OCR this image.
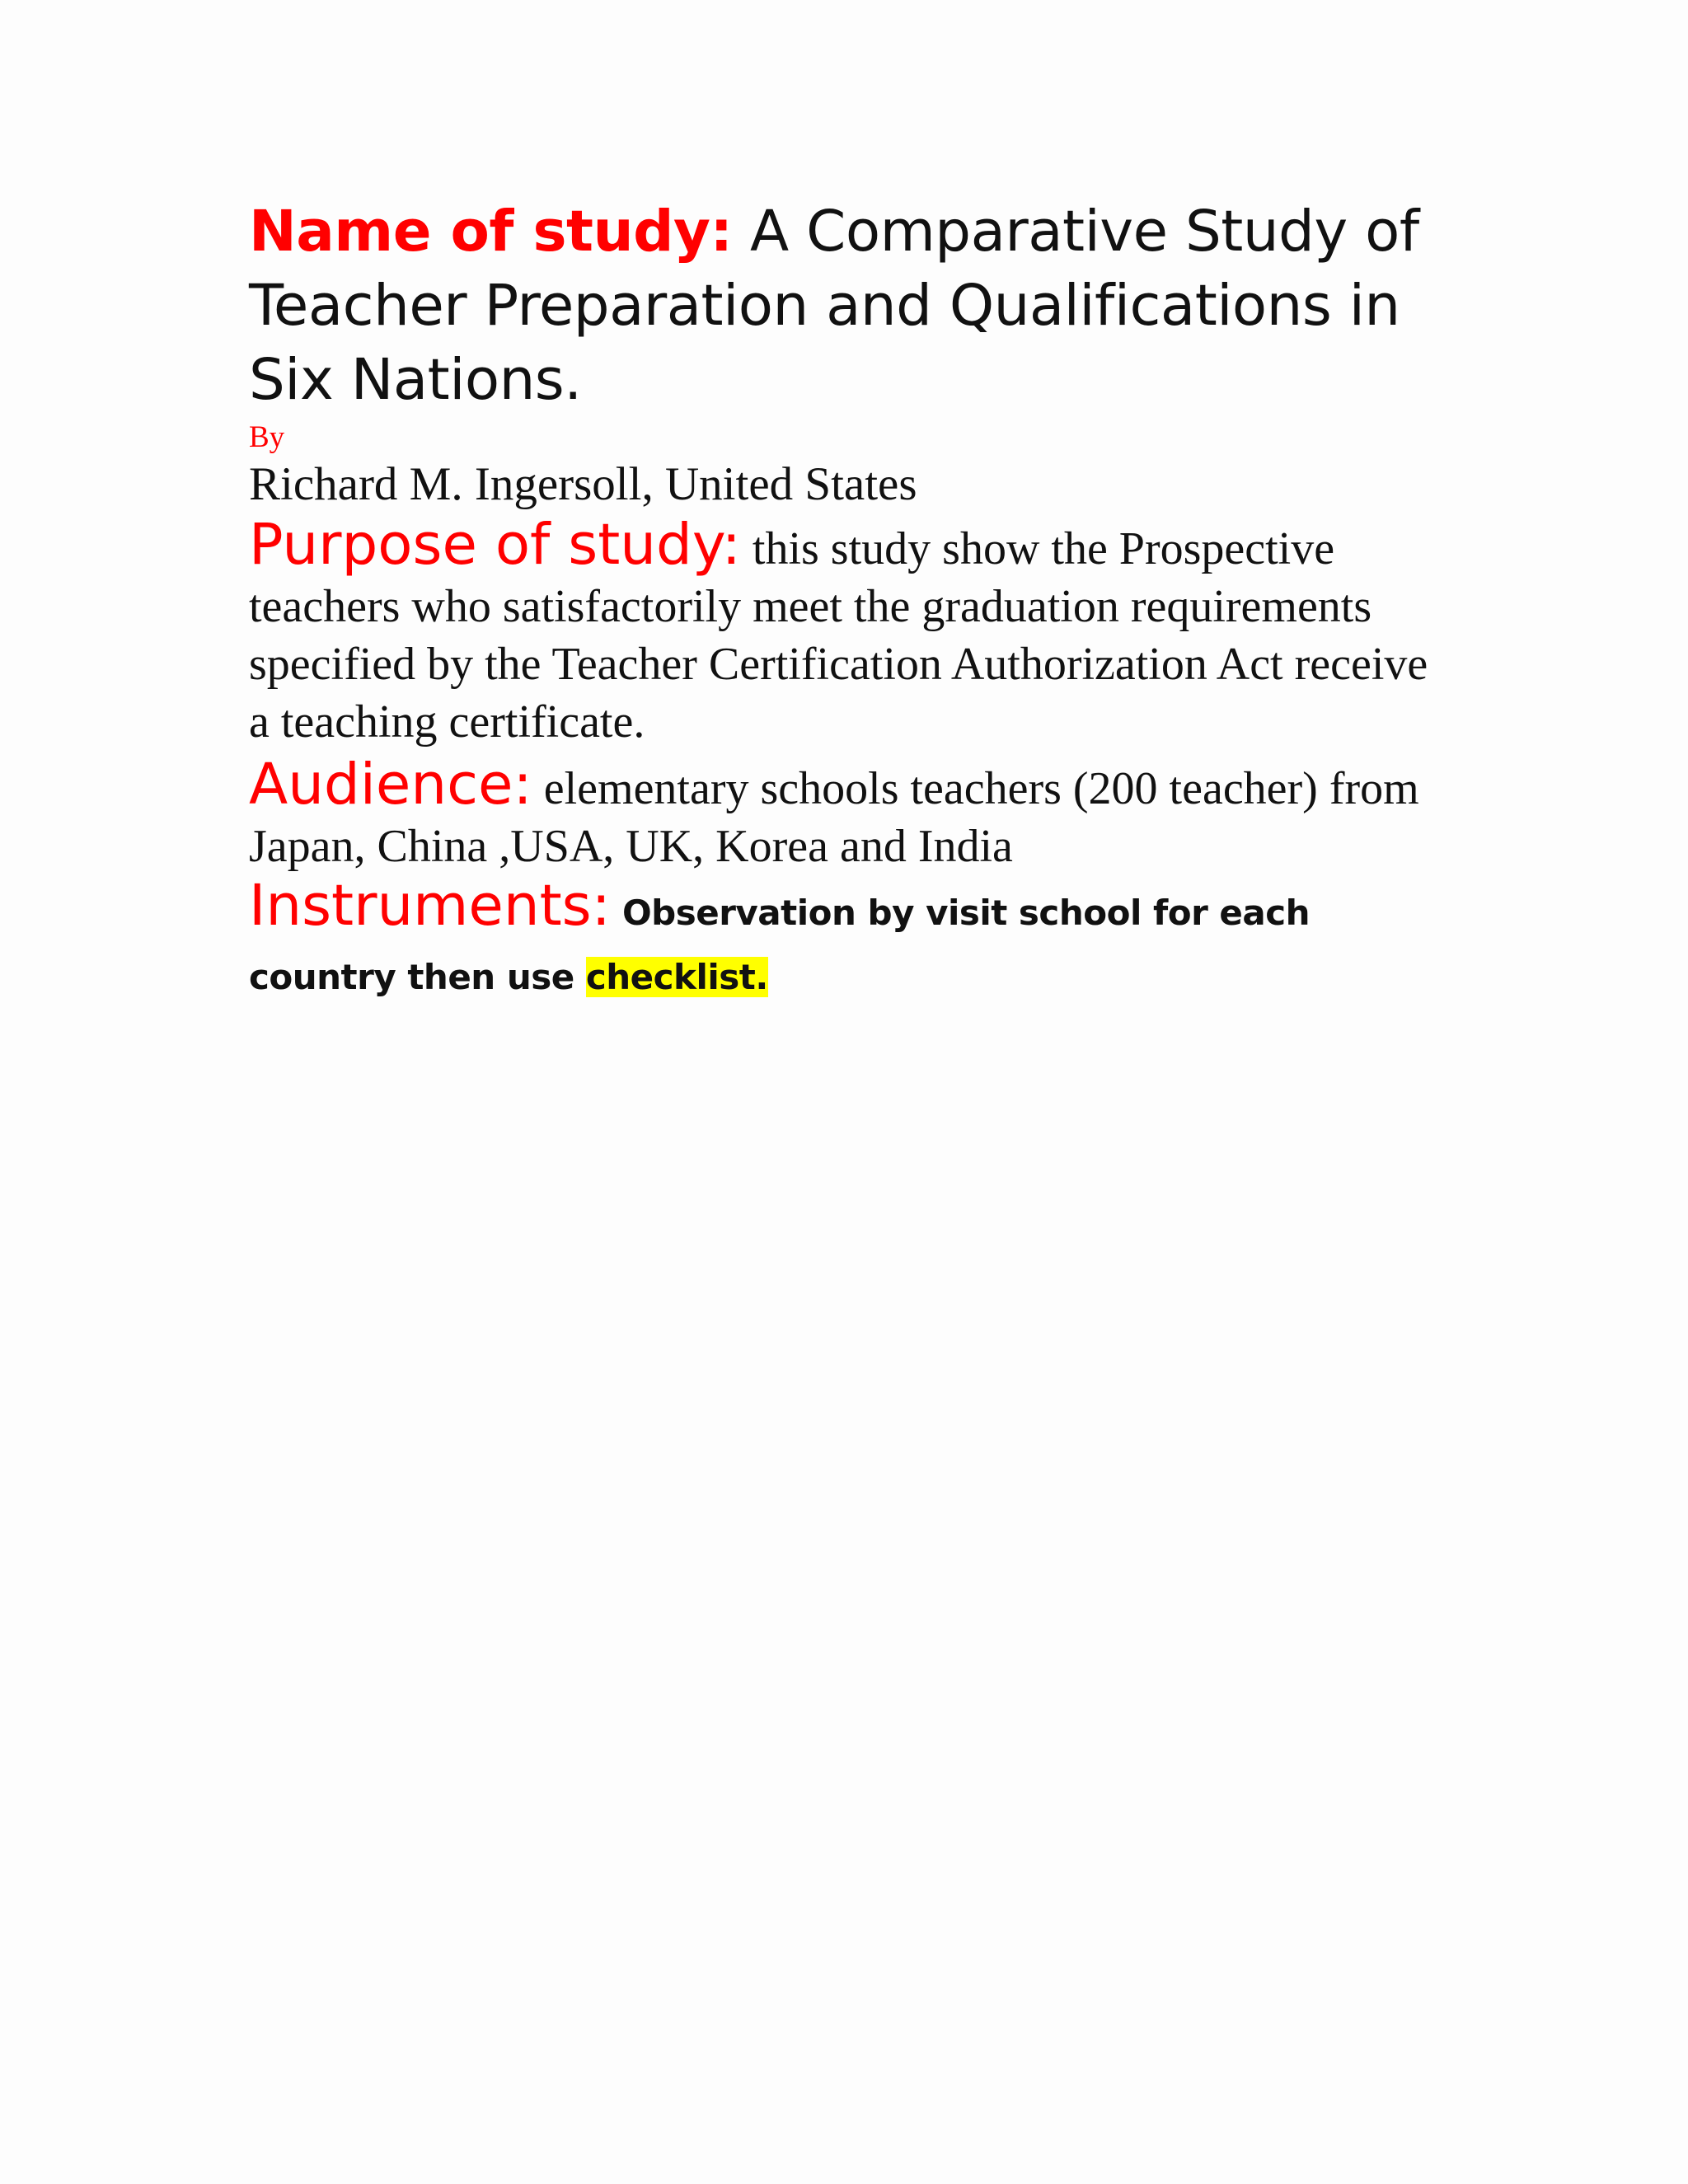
Name of study: A Comparative Study of Teacher Preparation and Qualifications in Six Nations.

By

Richard M. Ingersoll, United States

Purpose of study: this study show the Prospective teachers who satisfactorily meet the graduation requirements specified by the Teacher Certification Authorization Act receive a teaching certificate.

Audience: elementary schools teachers (200 teacher) from Japan, China ,USA, UK, Korea and India

Instruments: Observation by visit school for each country then use checklist.
